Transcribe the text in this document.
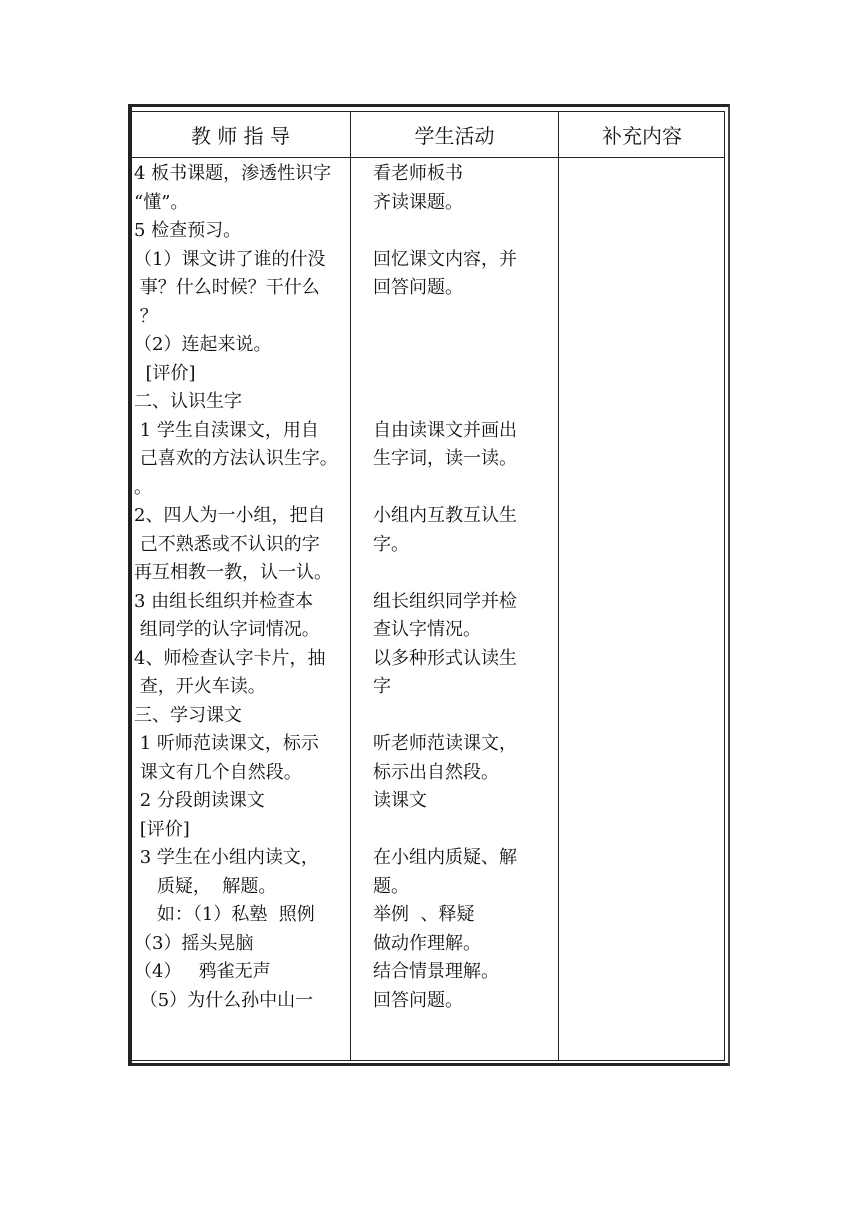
教 师 指 导	学生活动	补充内容
4 板书课题，渗透性识字
“懂”。
5 检查预习。
（1）课文讲了谁的什没
事？什么时候？干什么
？
（2）连起来说。
[评价]
二、认识生字
1 学生自渎课文，用自
己喜欢的方法认识生字。
。
2、四人为一小组，把自
己不熟悉或不认识的字
再互相教一教，认一认。
3 由组长组织并检查本
组同学的认字词情况。
4、师检查认字卡片，抽
查，开火车读。
三、学习课文
1 听师范读课文，标示
课文有几个自然段。
2 分段朗读课文
[评价]
3 学生在小组内读文，
质疑，  解题。
如：（1）私塾  照例
（3）摇头晃脑
（4）   鸦雀无声
（5）为什么孙中山一
看老师板书
齐读课题。
回忆课文内容，并
回答问题。
自由读课文并画出
生字词，读一读。
小组内互教互认生
字。
组长组织同学并检
查认字情况。
以多种形式认读生
字
听老师范读课文，
标示出自然段。
读课文
在小组内质疑、解
题。
举例  、释疑
做动作理解。
结合情景理解。
回答问题。
